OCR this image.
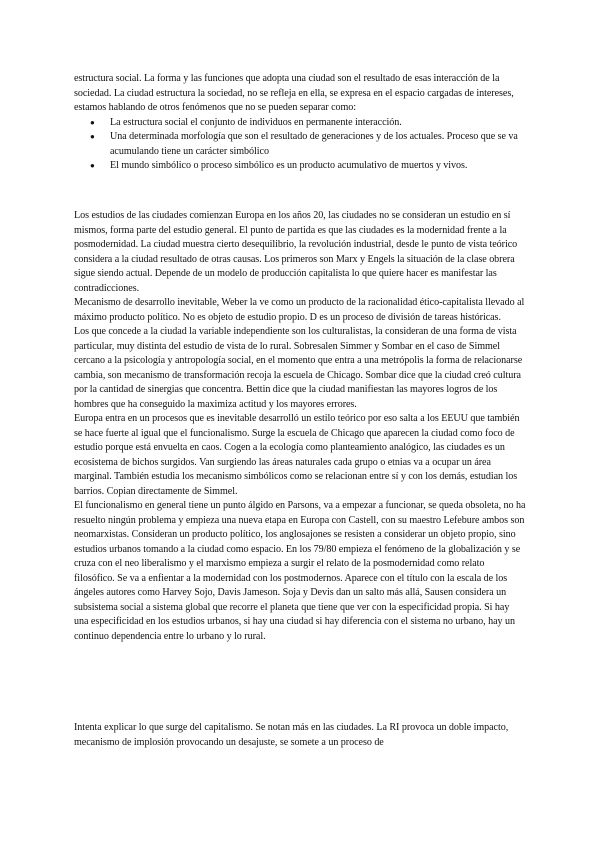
estructura social. La forma y las funciones que adopta una ciudad son el resultado de esas interacción de la sociedad. La ciudad estructura la sociedad, no se refleja en ella, se expresa en el espacio cargadas de intereses, estamos hablando de otros fenómenos que no se pueden separar como:

● La estructura social el conjunto de individuos en permanente interacción.
● Una determinada morfología que son el resultado de generaciones y de los actuales. Proceso que se va acumulando tiene un carácter simbólico
● El mundo simbólico o proceso simbólico es un producto acumulativo de muertos y vivos.

Los estudios de las ciudades comienzan Europa en los años 20, las ciudades no se consideran un estudio en sí mismos, forma parte del estudio general. El punto de partida es que las ciudades es la modernidad frente a la posmodernidad. La ciudad muestra cierto desequilibrio, la revolución industrial, desde le punto de vista teórico considera a la ciudad resultado de otras causas. Los primeros son Marx y Engels la situación de la clase obrera sigue siendo actual. Depende de un modelo de producción capitalista lo que quiere hacer es manifestar las contradicciones.

Mecanismo de desarrollo inevitable, Weber la ve como un producto de la racionalidad ético-capitalista llevado al máximo producto político. No es objeto de estudio propio. D es un proceso de división de tareas históricas.

Los que concede a la ciudad la variable independiente son los culturalistas, la consideran de una forma de vista particular, muy distinta del estudio de vista de lo rural. Sobresalen Simmer y Sombar en el caso de Simmel cercano a la psicología y antropología social, en el momento que entra a una metrópolis la forma de relacionarse cambia, son mecanismo de transformación recoja la escuela de Chicago. Sombar dice que la ciudad creó cultura por la cantidad de sinergias que concentra. Bettin dice que la ciudad manifiestan las mayores logros de los hombres que ha conseguido la maximiza actitud y los mayores errores.

Europa entra en un procesos que es inevitable desarrolló un estilo teórico por eso salta a los EEUU que también se hace fuerte al igual que el funcionalismo. Surge la escuela de Chicago que aparecen la ciudad como foco de estudio porque está envuelta en caos. Cogen a la ecología como planteamiento analógico, las ciudades es un ecosistema de bichos surgidos. Van surgiendo las áreas naturales cada grupo o etnias va a ocupar un área marginal. También estudia los mecanismo simbólicos como se relacionan entre sí y con los demás, estudian los barrios. Copian directamente de Simmel.

El funcionalismo en general tiene un punto álgido en Parsons, va a empezar a funcionar, se queda obsoleta, no ha resuelto ningún problema y empieza una nueva etapa en Europa con Castell, con su maestro Lefebure ambos son neomarxistas. Consideran un producto político, los anglosajones se resisten a considerar un objeto propio, sino estudios urbanos tomando a la ciudad como espacio. En los 79/80 empieza el fenómeno de la globalización y se cruza con el neo liberalismo y el marxismo empieza a surgir el relato de la posmodernidad como relato filosófico. Se va a enfientar a la modernidad con los postmodernos. Aparece con el título con la escala de los ángeles autores como Harvey Sojo, Davis Jameson. Soja y Devis dan un salto más allá, Sausen considera un subsistema social a sistema global que recorre el planeta que tiene que ver con la especificidad propia. Si hay una especificidad en los estudios urbanos, si hay una ciudad si hay diferencia con el sistema no urbano, hay un continuo dependencia entre lo urbano y lo rural.

Intenta explicar lo que surge del capitalismo. Se notan más en las ciudades. La RI provoca un doble impacto, mecanismo de implosión provocando un desajuste, se somete a un proceso de
